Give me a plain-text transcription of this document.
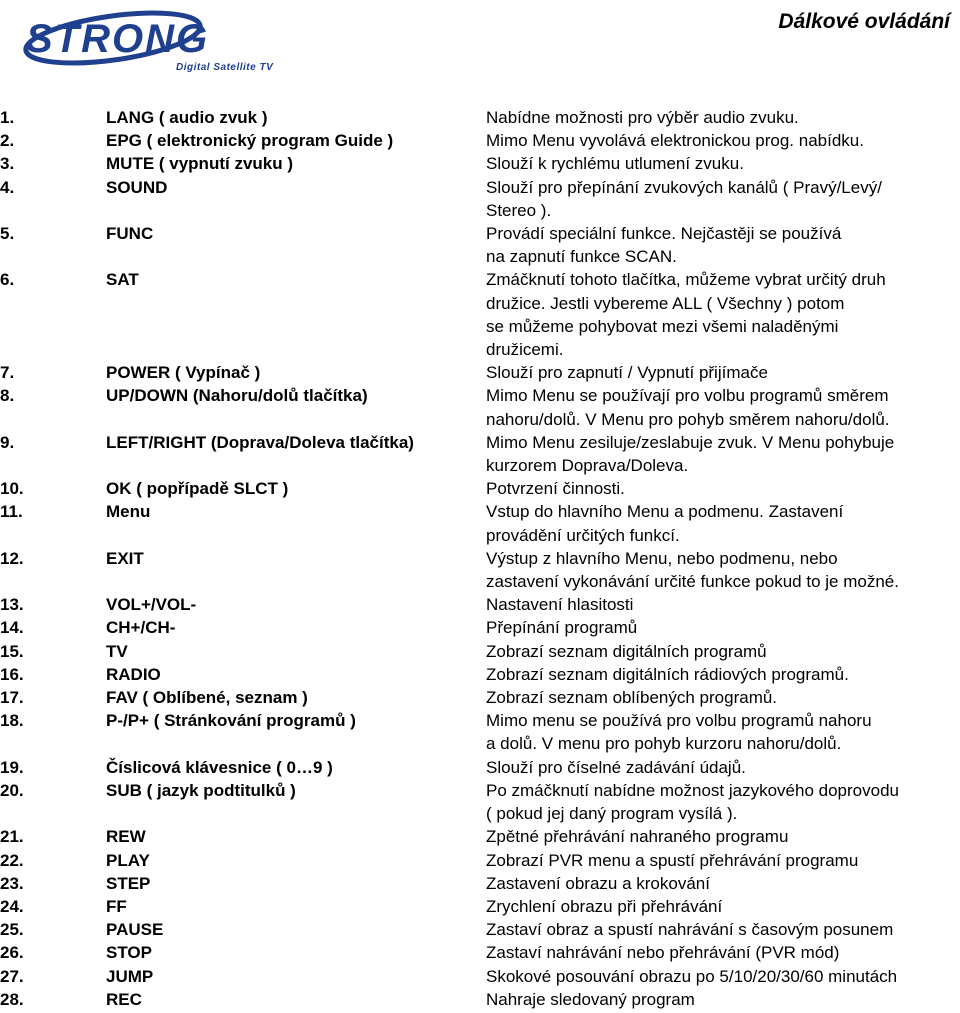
STRONG
Digital Satellite TV
Dálkové ovládání
1.	LANG ( audio zvuk )	Nabídne možnosti pro výběr audio zvuku.
2.	EPG ( elektronický program Guide )	Mimo Menu vyvolává elektronickou prog. nabídku.
3.	MUTE ( vypnutí zvuku )	Slouží k rychlému utlumení zvuku.
4.	SOUND	Slouží pro přepínání zvukových kanálů ( Pravý/Levý/
Stereo ).
5.	FUNC	Provádí speciální funkce. Nejčastěji se používá
na zapnutí funkce SCAN.
6.	SAT	Zmáčknutí tohoto tlačítka, můžeme vybrat určitý druh
družice. Jestli vybereme ALL ( Všechny ) potom
se můžeme pohybovat mezi všemi naladěnými
družicemi.
7.	POWER ( Vypínač )	Slouží pro zapnutí / Vypnutí přijímače
8.	UP/DOWN (Nahoru/dolů tlačítka)	Mimo Menu se používají pro volbu programů směrem
nahoru/dolů. V Menu pro pohyb směrem nahoru/dolů.
9.	LEFT/RIGHT (Doprava/Doleva tlačítka)	Mimo Menu zesiluje/zeslabuje zvuk. V Menu pohybuje
kurzorem Doprava/Doleva.
10.	OK ( popřípadě SLCT )	Potvrzení činnosti.
11.	Menu	Vstup do hlavního Menu a podmenu. Zastavení
provádění určitých funkcí.
12.	EXIT	Výstup z hlavního Menu, nebo podmenu, nebo
zastavení vykonávání určité funkce pokud to je možné.
13.	VOL+/VOL-	Nastavení hlasitosti
14.	CH+/CH-	Přepínání programů
15.	TV	Zobrazí seznam digitálních programů
16.	RADIO	Zobrazí seznam digitálních rádiových programů.
17.	FAV ( Oblíbené, seznam )	Zobrazí seznam oblíbených programů.
18.	P-/P+ ( Stránkování programů )	Mimo menu se používá pro volbu programů nahoru
a dolů. V menu pro pohyb kurzoru nahoru/dolů.
19.	Číslicová klávesnice ( 0…9 )	Slouží pro číselné zadávání údajů.
20.	SUB ( jazyk podtitulků )	Po zmáčknutí nabídne možnost jazykového doprovodu
( pokud jej daný program vysílá ).
21.	REW	Zpětné přehrávání nahraného programu
22.	PLAY	Zobrazí PVR menu a spustí přehrávání programu
23.	STEP	Zastavení obrazu a krokování
24.	FF	Zrychlení obrazu při přehrávání
25.	PAUSE	Zastaví obraz a spustí nahrávání s časovým posunem
26.	STOP	Zastaví nahrávání nebo přehrávání (PVR mód)
27.	JUMP	Skokové posouvání obrazu po 5/10/20/30/60 minutách
28.	REC	Nahraje sledovaný program
